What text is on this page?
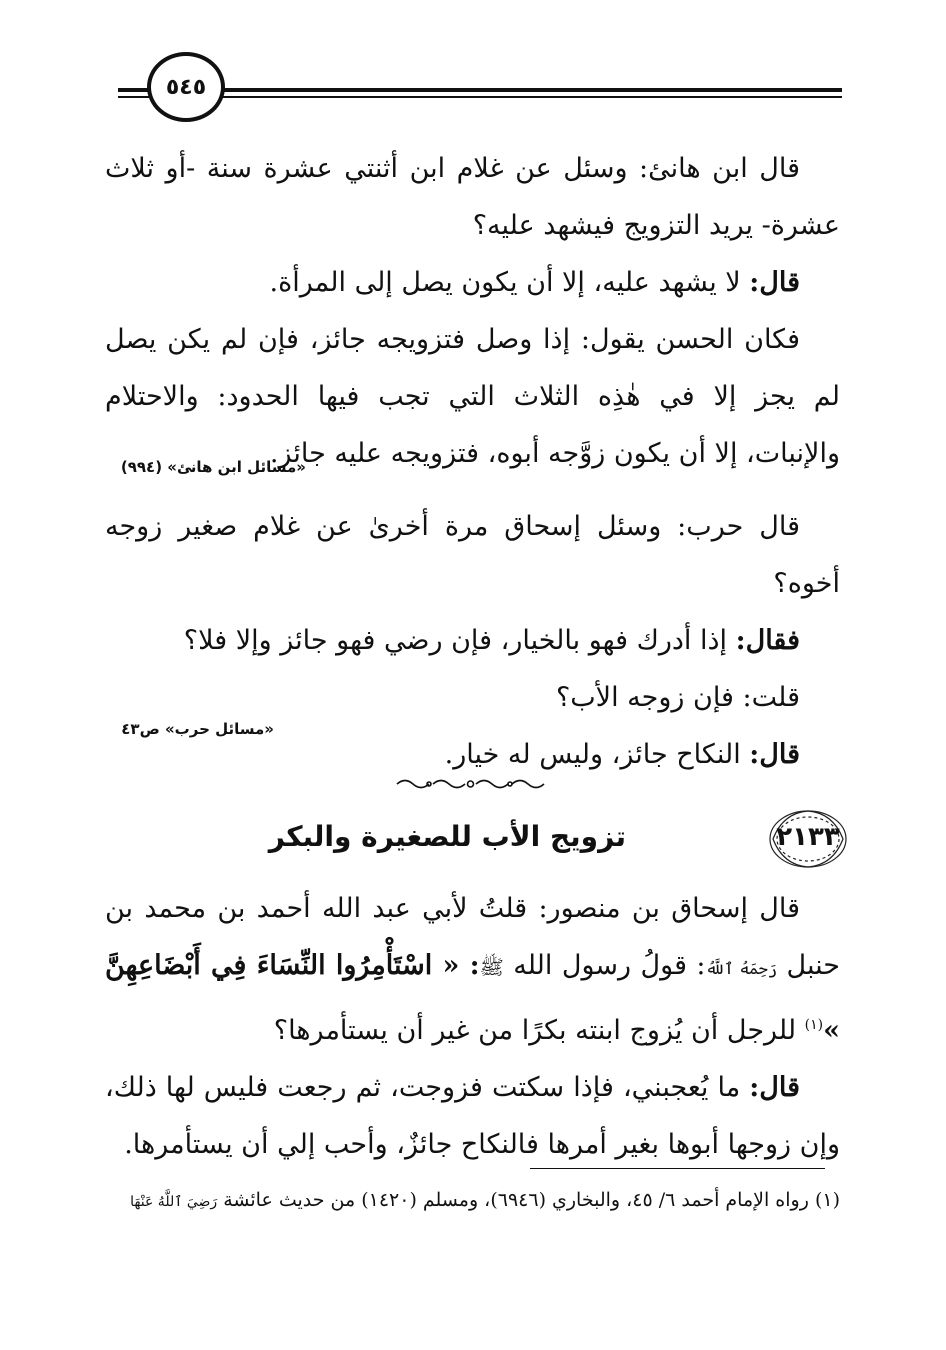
٥٤٥

قال ابن هانئ: وسئل عن غلام ابن أثنتي عشرة سنة -أو ثلاث عشرة- يريد التزويج فيشهد عليه؟

قال: لا يشهد عليه، إلا أن يكون يصل إلى المرأة.

فكان الحسن يقول: إذا وصل فتزويجه جائز، فإن لم يكن يصل لم يجز إلا في هٰذِه الثلاث التي تجب فيها الحدود: والاحتلام والإنبات، إلا أن يكون زوَّجه أبوه، فتزويجه عليه جائز.

«مسائل ابن هانئ» (٩٩٤)

قال حرب: وسئل إسحاق مرة أخرىٰ عن غلام صغير زوجه أخوه؟

فقال: إذا أدرك فهو بالخيار، فإن رضي فهو جائز وإلا فلا؟

قلت: فإن زوجه الأب؟

قال: النكاح جائز، وليس له خيار.

«مسائل حرب» ص٤٣
٢١٣٣
تزويج الأب للصغيرة والبكر

قال إسحاق بن منصور: قلتُ لأبي عبد الله أحمد بن محمد بن حنبل رَحِمَهُ ٱللَّهُ: قولُ رسول الله ﷺ: « اسْتَأْمِرُوا النِّسَاءَ فِي أَبْضَاعِهِنَّ »$^{(١)}$ للرجل أن يُزوج ابنته بكرًا من غير أن يستأمرها؟

قال: ما يُعجبني، فإذا سكتت فزوجت، ثم رجعت فليس لها ذلك، وإن زوجها أبوها بغير أمرها فالنكاح جائزٌ، وأحب إلي أن يستأمرها.

(١) رواه الإمام أحمد ٦/ ٤٥، والبخاري (٦٩٤٦)، ومسلم (١٤٢٠) من حديث عائشة رَضِيَ ٱللَّهُ عَنْهَا
